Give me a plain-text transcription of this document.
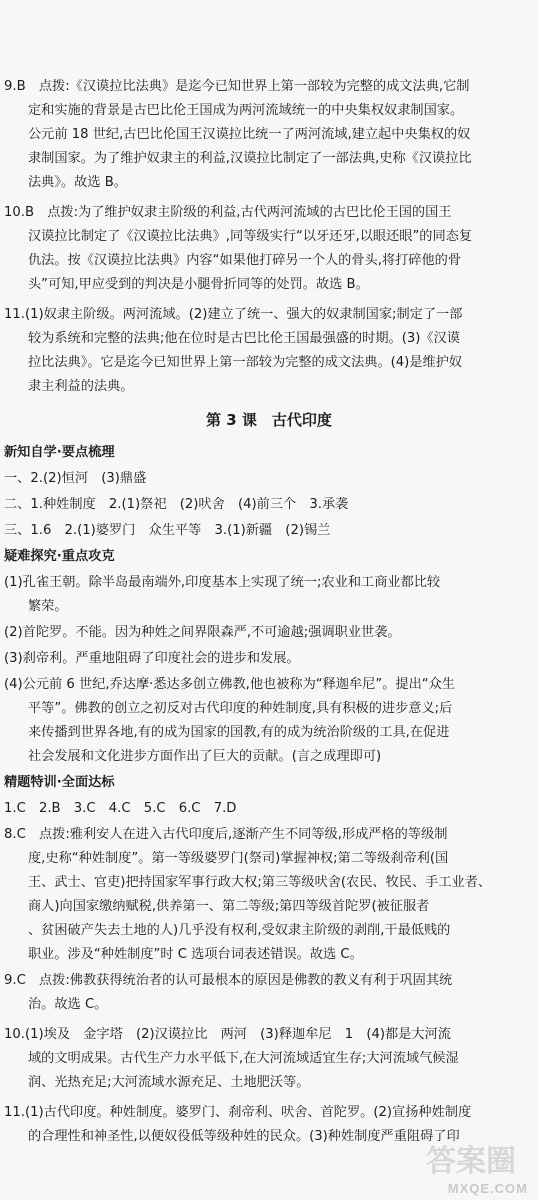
9.B　点拨:《汉谟拉比法典》是迄今已知世界上第一部较为完整的成文法典,它制
定和实施的背景是古巴比伦王国成为两河流域统一的中央集权奴隶制国家。
公元前 18 世纪,古巴比伦国王汉谟拉比统一了两河流域,建立起中央集权的奴
隶制国家。为了维护奴隶主的利益,汉谟拉比制定了一部法典,史称《汉谟拉比
法典》。故选 B。
10.B　点拨:为了维护奴隶主阶级的利益,古代两河流域的古巴比伦王国的国王
汉谟拉比制定了《汉谟拉比法典》,同等级实行“以牙还牙,以眼还眼”的同态复
仇法。按《汉谟拉比法典》内容“如果他打碎另一个人的骨头,将打碎他的骨
头”可知,甲应受到的判决是小腿骨折同等的处罚。故选 B。
11.(1)奴隶主阶级。两河流域。(2)建立了统一、强大的奴隶制国家;制定了一部
较为系统和完整的法典;他在位时是古巴比伦王国最强盛的时期。(3)《汉谟
拉比法典》。它是迄今已知世界上第一部较为完整的成文法典。(4)是维护奴
隶主利益的法典。
第 3 课　古代印度
新知自学·要点梳理
一、2.(2)恒河　(3)鼎盛
二、1.种姓制度　2.(1)祭祀　(2)吠舍　(4)前三个　3.承袭
三、1.6　2.(1)婆罗门　众生平等　3.(1)新疆　(2)锡兰
疑难探究·重点攻克
(1)孔雀王朝。除半岛最南端外,印度基本上实现了统一;农业和工商业都比较
繁荣。
(2)首陀罗。不能。因为种姓之间界限森严,不可逾越;强调职业世袭。
(3)刹帝利。严重地阻碍了印度社会的进步和发展。
(4)公元前 6 世纪,乔达摩·悉达多创立佛教,他也被称为“释迦牟尼”。提出“众生
平等”。佛教的创立之初反对古代印度的种姓制度,具有积极的进步意义;后
来传播到世界各地,有的成为国家的国教,有的成为统治阶级的工具,在促进
社会发展和文化进步方面作出了巨大的贡献。(言之成理即可)
精题特训·全面达标
1.C　2.B　3.C　4.C　5.C　6.C　7.D
8.C　点拨:雅利安人在进入古代印度后,逐渐产生不同等级,形成严格的等级制
度,史称“种姓制度”。第一等级婆罗门(祭司)掌握神权;第二等级刹帝利(国
王、武士、官吏)把持国家军事行政大权;第三等级吠舍(农民、牧民、手工业者、
商人)向国家缴纳赋税,供养第一、第二等级;第四等级首陀罗(被征服者
、贫困破产失去土地的人)几乎没有权利,受奴隶主阶级的剥削,干最低贱的
职业。涉及“种姓制度”时 C 选项台词表述错误。故选 C。
9.C　点拨:佛教获得统治者的认可最根本的原因是佛教的教义有利于巩固其统
治。故选 C。
10.(1)埃及　金字塔　(2)汉谟拉比　两河　(3)释迦牟尼　1　(4)都是大河流
域的文明成果。古代生产力水平低下,在大河流域适宜生存;大河流域气候湿
润、光热充足;大河流域水源充足、土地肥沃等。
11.(1)古代印度。种姓制度。婆罗门、刹帝利、吠舍、首陀罗。(2)宣扬种姓制度
的合理性和神圣性,以便奴役低等级种姓的民众。(3)种姓制度严重阻碍了印
答案圈
MXQE.COM
